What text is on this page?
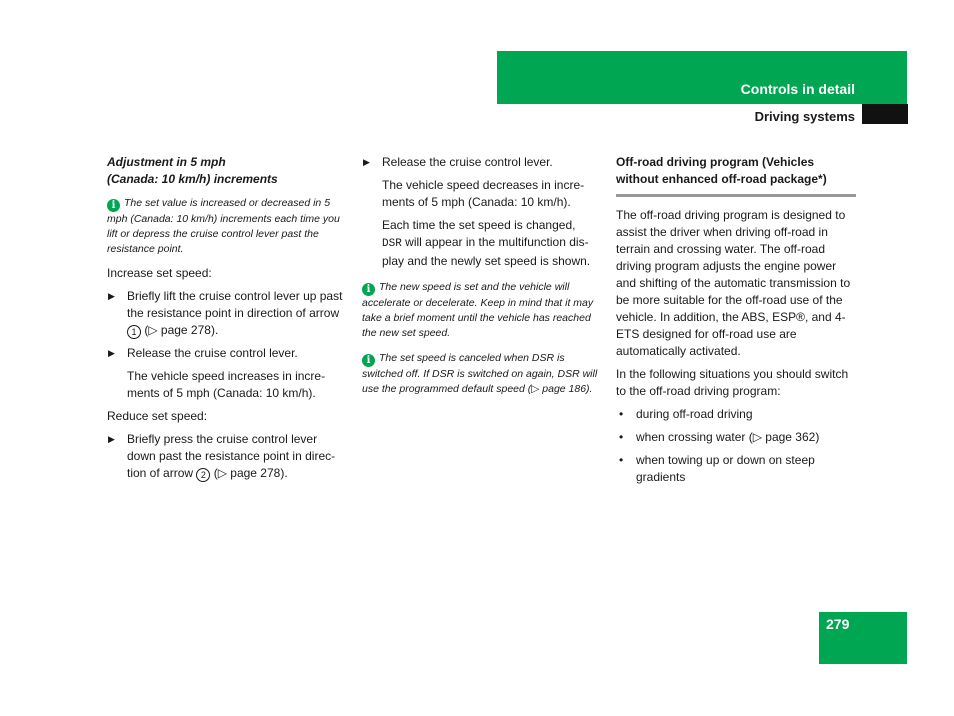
Controls in detail
Driving systems

Adjustment in 5 mph
(Canada: 10 km/h) increments

i The set value is increased or decreased in 5 mph (Canada: 10 km/h) increments each time you lift or depress the cruise control lever past the resistance point.

Increase set speed:

▶ Briefly lift the cruise control lever up past the resistance point in direction of arrow 1 (▷ page 278).
▶ Release the cruise control lever.

The vehicle speed increases in incre-ments of 5 mph (Canada: 10 km/h).

Reduce set speed:

▶ Briefly press the cruise control lever down past the resistance point in direc-tion of arrow 2 (▷ page 278).
▶ Release the cruise control lever.

The vehicle speed decreases in incre-ments of 5 mph (Canada: 10 km/h).

Each time the set speed is changed,
DSR will appear in the multifunction dis-play and the newly set speed is shown.

i The new speed is set and the vehicle will accelerate or decelerate. Keep in mind that it may take a brief moment until the vehicle has reached the new set speed.

i The set speed is canceled when DSR is switched off. If DSR is switched on again, DSR will use the programmed default speed (▷ page 186).

Off-road driving program (Vehicles without enhanced off-road package*)

The off-road driving program is designed to assist the driver when driving off-road in terrain and crossing water. The off-road driving program adjusts the engine power and shifting of the automatic transmission to be more suitable for the off-road use of the vehicle. In addition, the ABS, ESP®, and 4-ETS designed for off-road use are automatically activated.

In the following situations you should switch to the off-road driving program:

• during off-road driving
• when crossing water (▷ page 362)
• when towing up or down on steep gradients
279
